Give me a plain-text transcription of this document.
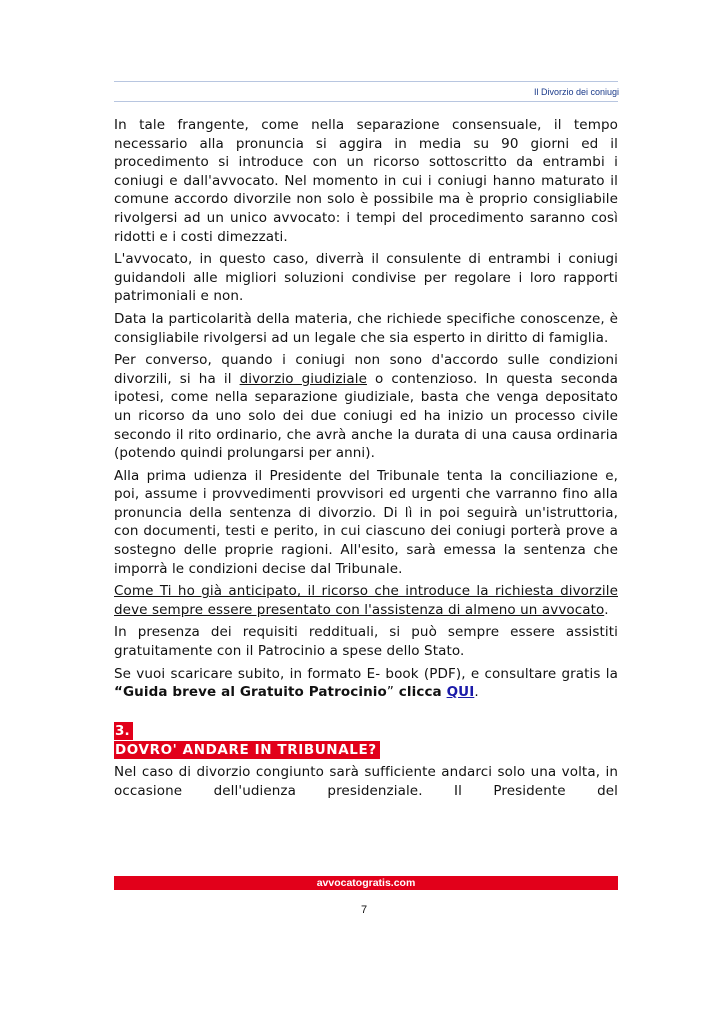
Il Divorzio dei coniugi

In tale frangente, come nella separazione consensuale, il tempo necessario alla pronuncia si aggira in media su 90 giorni ed il procedimento si introduce con un ricorso sottoscritto da entrambi i coniugi e dall'avvocato. Nel momento in cui i coniugi hanno maturato il comune accordo divorzile non solo è possibile ma è proprio consigliabile rivolgersi ad un unico avvocato: i tempi del procedimento saranno così ridotti e i costi dimezzati.

L'avvocato, in questo caso, diverrà il consulente di entrambi i coniugi guidandoli alle migliori soluzioni condivise per regolare i loro rapporti patrimoniali e non.

Data la particolarità della materia, che richiede specifiche conoscenze, è consigliabile rivolgersi ad un legale che sia esperto in diritto di famiglia.

Per converso, quando i coniugi non sono d'accordo sulle condizioni divorzili, si ha il divorzio giudiziale o contenzioso. In questa seconda ipotesi, come nella separazione giudiziale, basta che venga depositato un ricorso da uno solo dei due coniugi ed ha inizio un processo civile secondo il rito ordinario, che avrà anche la durata di una causa ordinaria (potendo quindi prolungarsi per anni).

Alla prima udienza il Presidente del Tribunale tenta la conciliazione e, poi, assume i provvedimenti provvisori ed urgenti che varranno fino alla pronuncia della sentenza di divorzio. Di lì in poi seguirà un'istruttoria, con documenti, testi e perito, in cui ciascuno dei coniugi porterà prove a sostegno delle proprie ragioni. All'esito, sarà emessa la sentenza che imporrà le condizioni decise dal Tribunale.

Come Ti ho già anticipato, il ricorso che introduce la richiesta divorzile deve sempre essere presentato con l'assistenza di almeno un avvocato.

In presenza dei requisiti reddituali, si può sempre essere assistiti gratuitamente con il Patrocinio a spese dello Stato.

Se vuoi scaricare subito, in formato E- book (PDF), e consultare gratis la “Guida breve al Gratuito Patrocinio” clicca QUI.

3.
DOVRO' ANDARE IN TRIBUNALE?

Nel caso di divorzio congiunto sarà sufficiente andarci solo una volta, in occasione dell'udienza presidenziale. Il Presidente del

avvocatogratis.com
7
